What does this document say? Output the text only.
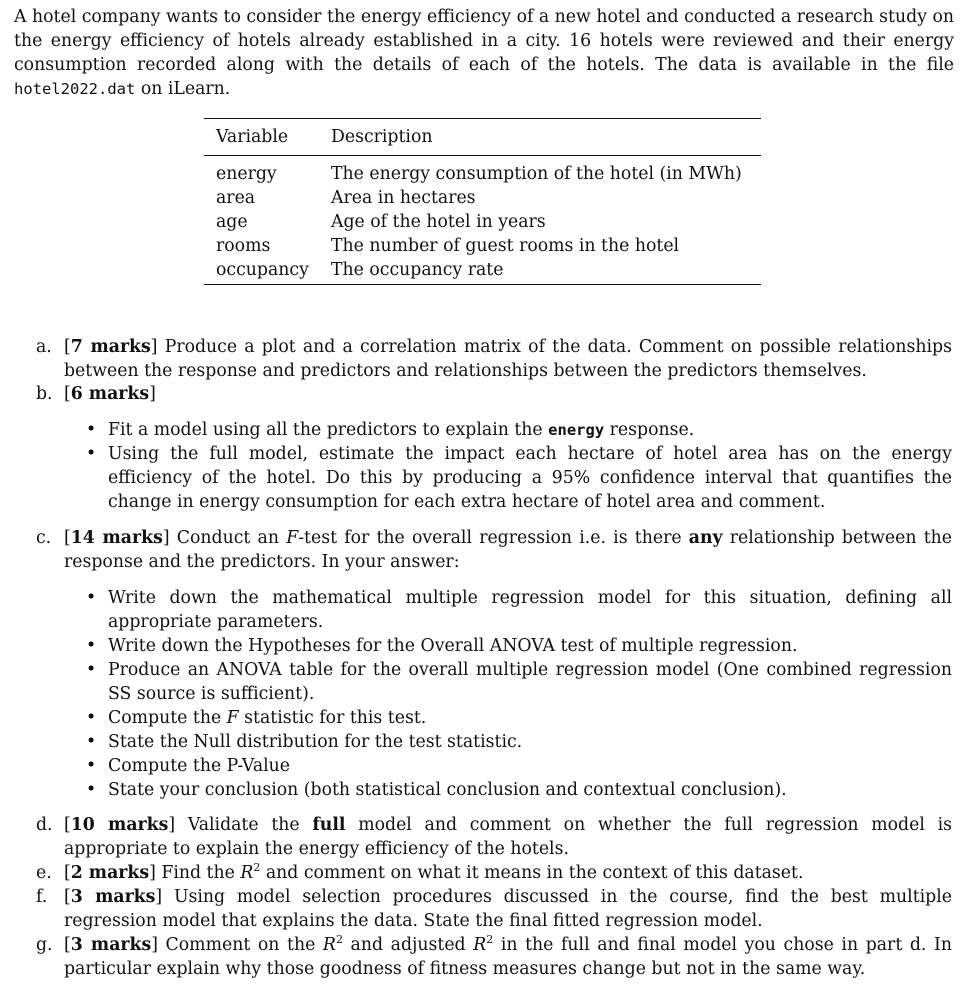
A hotel company wants to consider the energy efficiency of a new hotel and conducted a research study on the energy efficiency of hotels already established in a city. 16 hotels were reviewed and their energy consumption recorded along with the details of each of the hotels. The data is available in the file hotel2022.dat on iLearn.
Variable	Description
energy	The energy consumption of the hotel (in MWh)
area	Area in hectares
age	Age of the hotel in years
rooms	The number of guest rooms in the hotel
occupancy	The occupancy rate
a. [7 marks] Produce a plot and a correlation matrix of the data. Comment on possible relationships between the response and predictors and relationships between the predictors themselves.
b. [6 marks]
• Fit a model using all the predictors to explain the energy response.
• Using the full model, estimate the impact each hectare of hotel area has on the energy efficiency of the hotel. Do this by producing a 95% confidence interval that quantifies the change in energy consumption for each extra hectare of hotel area and comment.
c. [14 marks] Conduct an F-test for the overall regression i.e. is there any relationship between the response and the predictors. In your answer:
• Write down the mathematical multiple regression model for this situation, defining all appropriate parameters.
• Write down the Hypotheses for the Overall ANOVA test of multiple regression.
• Produce an ANOVA table for the overall multiple regression model (One combined regression SS source is sufficient).
• Compute the F statistic for this test.
• State the Null distribution for the test statistic.
• Compute the P-Value
• State your conclusion (both statistical conclusion and contextual conclusion).
d. [10 marks] Validate the full model and comment on whether the full regression model is appropriate to explain the energy efficiency of the hotels.
e. [2 marks] Find the $R^2$ and comment on what it means in the context of this dataset.
f. [3 marks] Using model selection procedures discussed in the course, find the best multiple regression model that explains the data. State the final fitted regression model.
g. [3 marks] Comment on the $R^2$ and adjusted $R^2$ in the full and final model you chose in part d. In particular explain why those goodness of fitness measures change but not in the same way.
